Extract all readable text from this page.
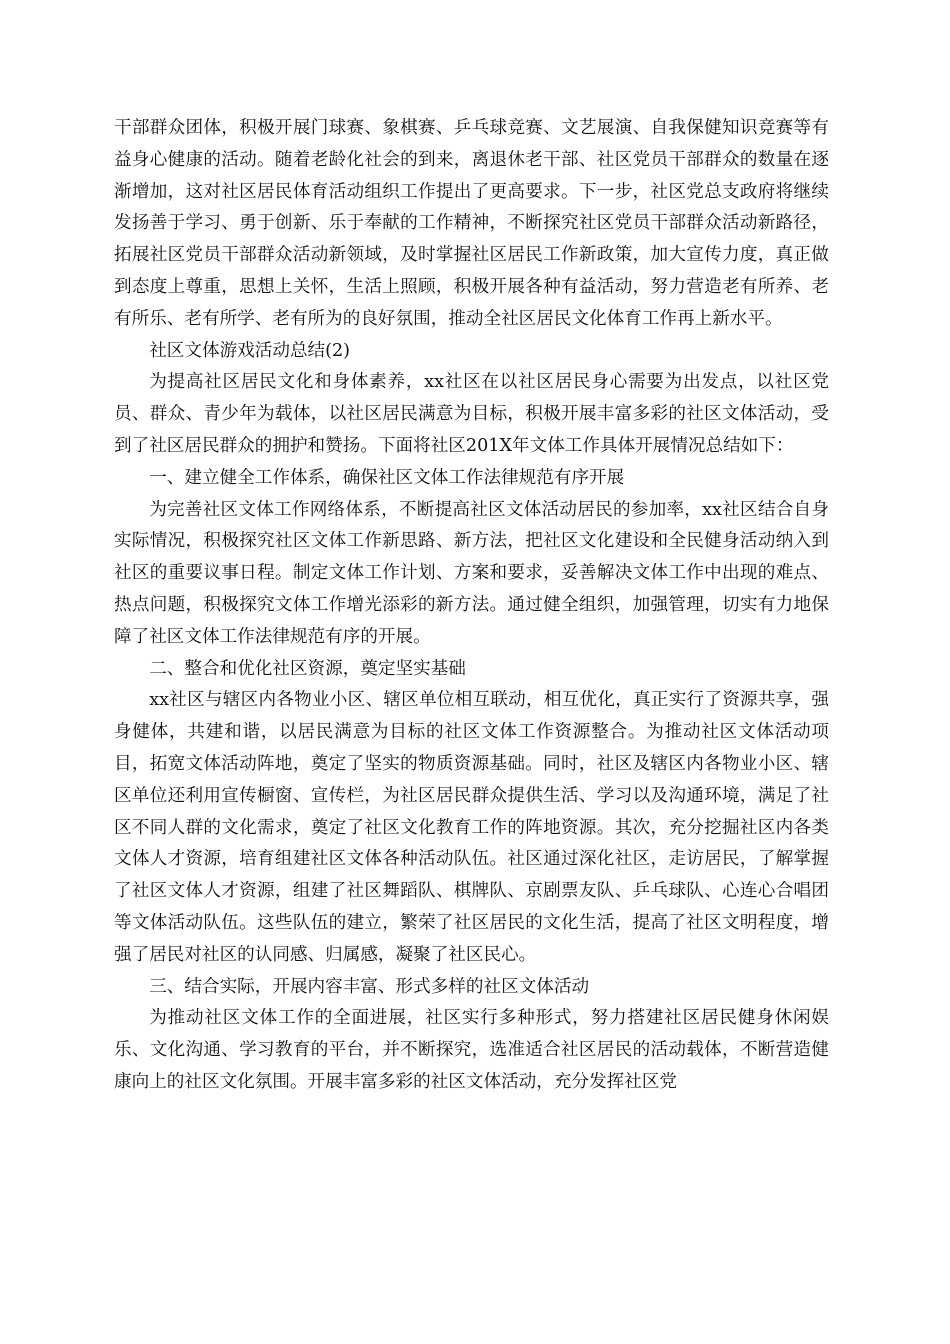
干部群众团体，积极开展门球赛、象棋赛、乒乓球竞赛、文艺展演、自我保健知识竞赛等有益身心健康的活动。随着老龄化社会的到来，离退休老干部、社区党员干部群众的数量在逐渐增加，这对社区居民体育活动组织工作提出了更高要求。下一步，社区党总支政府将继续发扬善于学习、勇于创新、乐于奉献的工作精神，不断探究社区党员干部群众活动新路径，拓展社区党员干部群众活动新领域，及时掌握社区居民工作新政策，加大宣传力度，真正做到态度上尊重，思想上关怀，生活上照顾，积极开展各种有益活动，努力营造老有所养、老有所乐、老有所学、老有所为的良好氛围，推动全社区居民文化体育工作再上新水平。

社区文体游戏活动总结(2)

为提高社区居民文化和身体素养，xx社区在以社区居民身心需要为出发点，以社区党员、群众、青少年为载体，以社区居民满意为目标，积极开展丰富多彩的社区文体活动，受到了社区居民群众的拥护和赞扬。下面将社区201X年文体工作具体开展情况总结如下：

一、建立健全工作体系，确保社区文体工作法律规范有序开展

为完善社区文体工作网络体系，不断提高社区文体活动居民的参加率，xx社区结合自身实际情况，积极探究社区文体工作新思路、新方法，把社区文化建设和全民健身活动纳入到社区的重要议事日程。制定文体工作计划、方案和要求，妥善解决文体工作中出现的难点、热点问题，积极探究文体工作增光添彩的新方法。通过健全组织，加强管理，切实有力地保障了社区文体工作法律规范有序的开展。

二、整合和优化社区资源，奠定坚实基础

xx社区与辖区内各物业小区、辖区单位相互联动，相互优化，真正实行了资源共享，强身健体，共建和谐，以居民满意为目标的社区文体工作资源整合。为推动社区文体活动项目，拓宽文体活动阵地，奠定了坚实的物质资源基础。同时，社区及辖区内各物业小区、辖区单位还利用宣传橱窗、宣传栏，为社区居民群众提供生活、学习以及沟通环境，满足了社区不同人群的文化需求，奠定了社区文化教育工作的阵地资源。其次，充分挖掘社区内各类文体人才资源，培育组建社区文体各种活动队伍。社区通过深化社区，走访居民，了解掌握了社区文体人才资源，组建了社区舞蹈队、棋牌队、京剧票友队、乒乓球队、心连心合唱团等文体活动队伍。这些队伍的建立，繁荣了社区居民的文化生活，提高了社区文明程度，增强了居民对社区的认同感、归属感，凝聚了社区民心。

三、结合实际，开展内容丰富、形式多样的社区文体活动

为推动社区文体工作的全面进展，社区实行多种形式，努力搭建社区居民健身休闲娱乐、文化沟通、学习教育的平台，并不断探究，选准适合社区居民的活动载体，不断营造健康向上的社区文化氛围。开展丰富多彩的社区文体活动，充分发挥社区党
